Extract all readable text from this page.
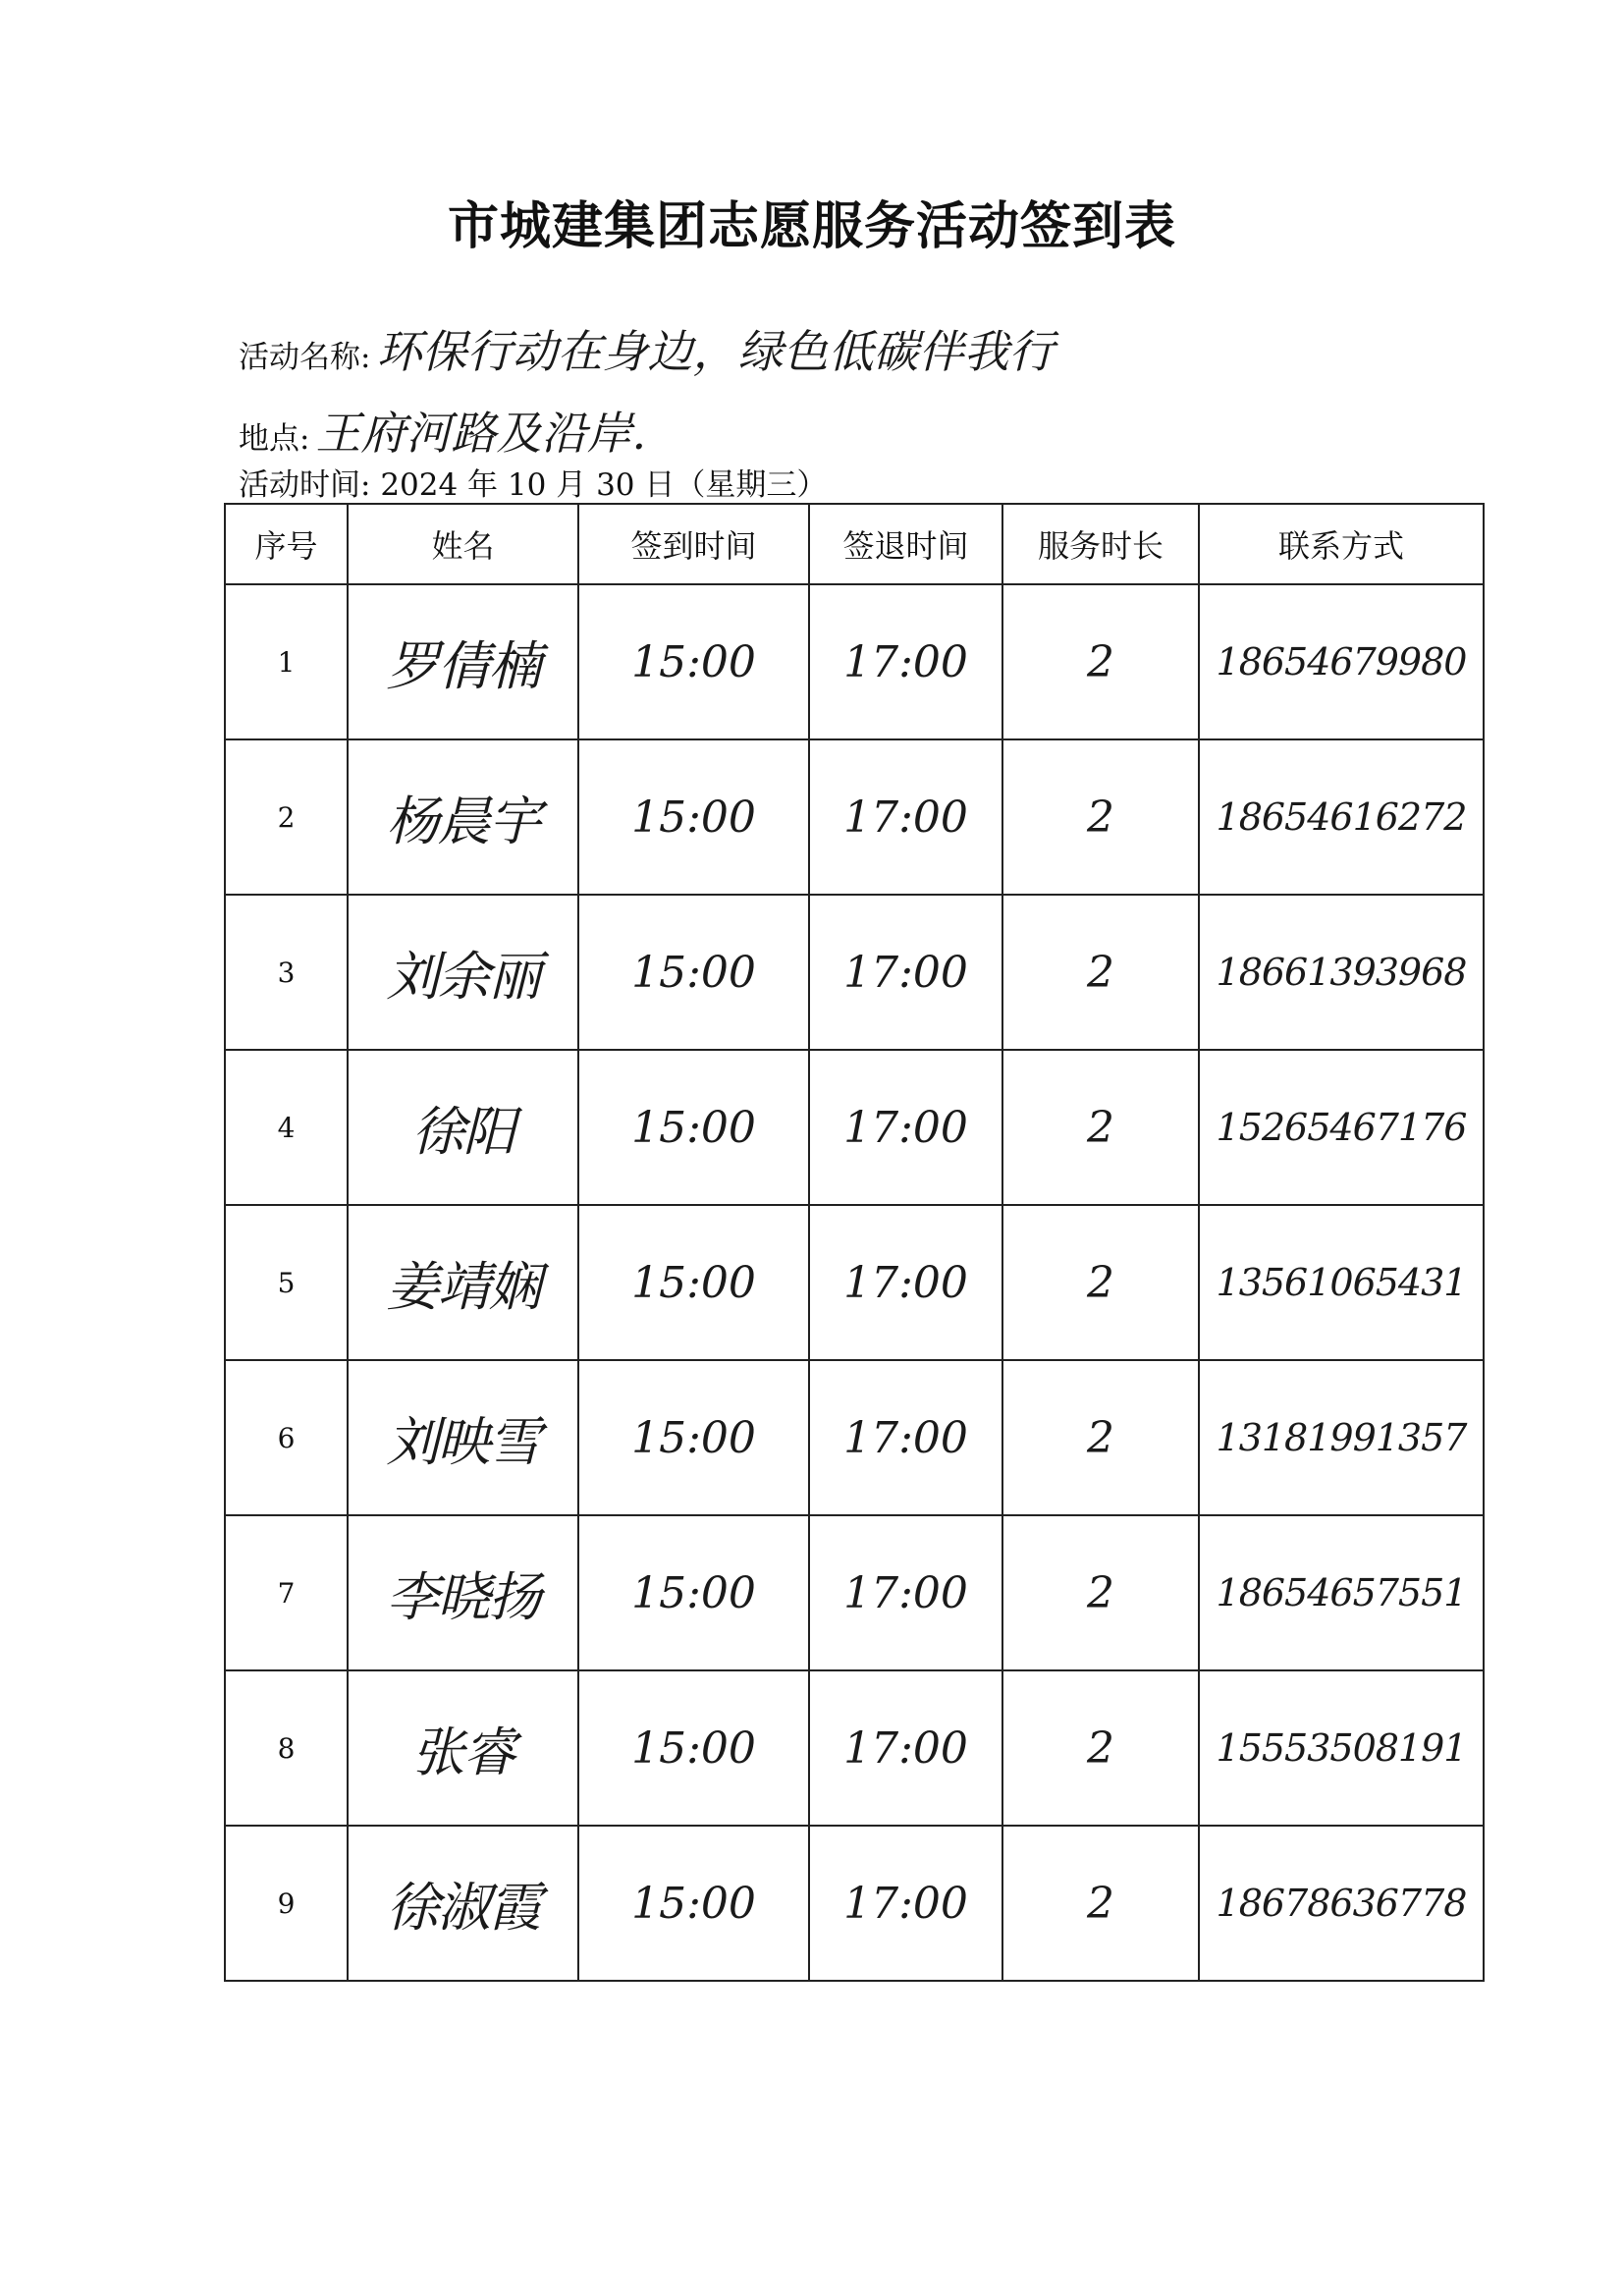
市城建集团志愿服务活动签到表
活动名称: 环保行动在身边，绿色低碳伴我行
地点: 王府河路及沿岸.
活动时间: 2024 年 10 月 30 日（星期三）
序号	姓名	签到时间	签退时间	服务时长	联系方式
1	罗倩楠	15:00	17:00	2	18654679980
2	杨晨宇	15:00	17:00	2	18654616272
3	刘余丽	15:00	17:00	2	18661393968
4	徐阳	15:00	17:00	2	15265467176
5	姜靖娴	15:00	17:00	2	13561065431
6	刘映雪	15:00	17:00	2	13181991357
7	李晓扬	15:00	17:00	2	18654657551
8	张睿	15:00	17:00	2	15553508191
9	徐淑霞	15:00	17:00	2	18678636778
